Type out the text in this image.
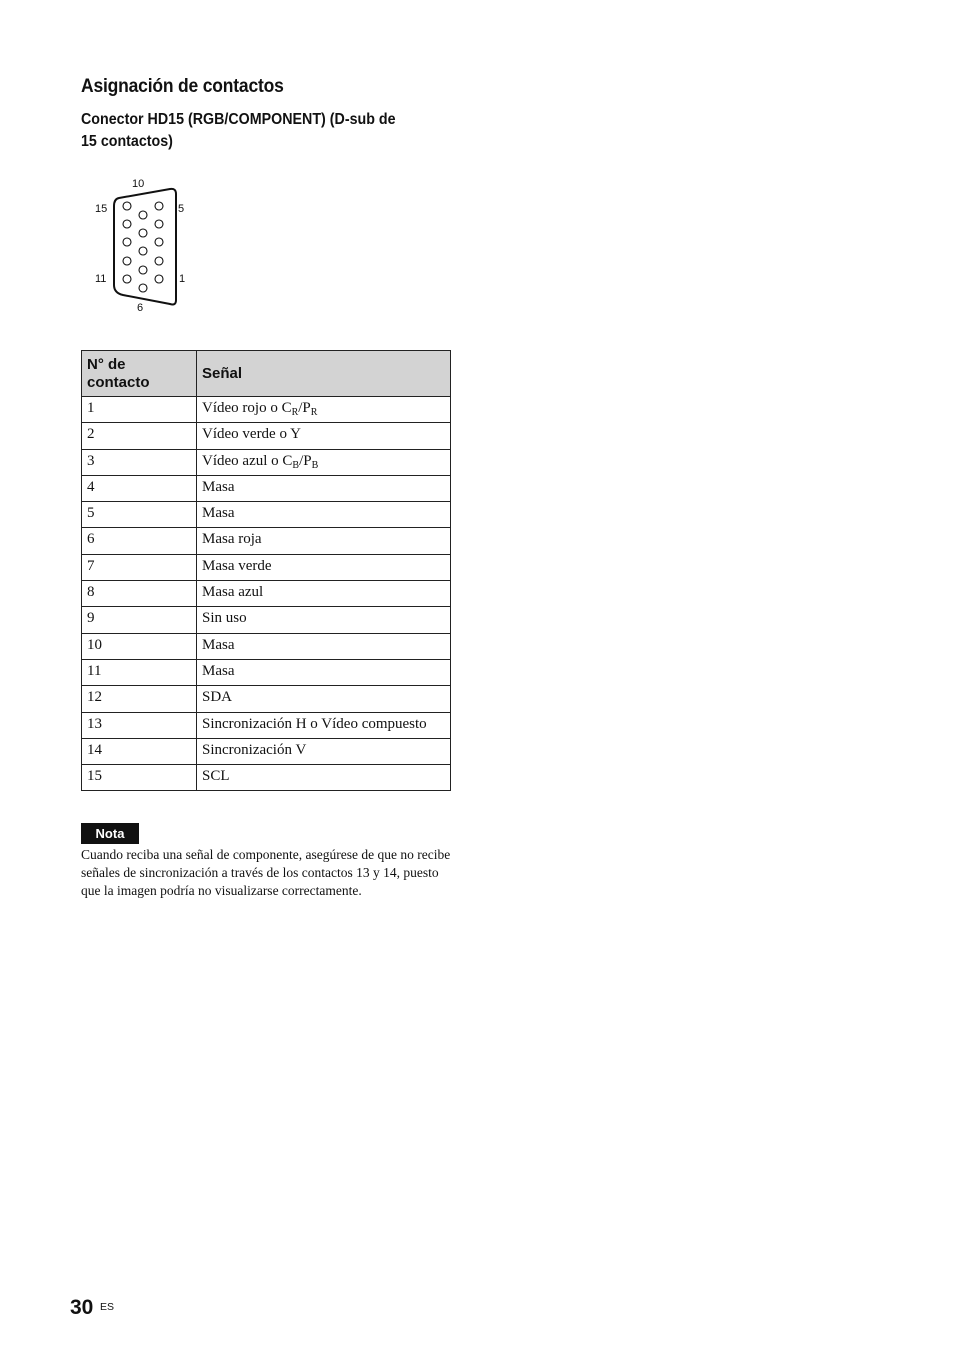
Asignación de contactos
Conector HD15 (RGB/COMPONENT) (D-sub de 15 contactos)
10
15	5
11	1
6
N° de contacto	Señal
1	Vídeo rojo o $C_R/P_R$
2	Vídeo verde o Y
3	Vídeo azul o $C_B/P_B$
4	Masa
5	Masa
6	Masa roja
7	Masa verde
8	Masa azul
9	Sin uso
10	Masa
11	Masa
12	SDA
13	Sincronización H o Vídeo compuesto
14	Sincronización V
15	SCL
Nota
Cuando reciba una señal de componente, asegúrese de que no recibe señales de sincronización a través de los contactos 13 y 14, puesto que la imagen podría no visualizarse correctamente.
30 ES
